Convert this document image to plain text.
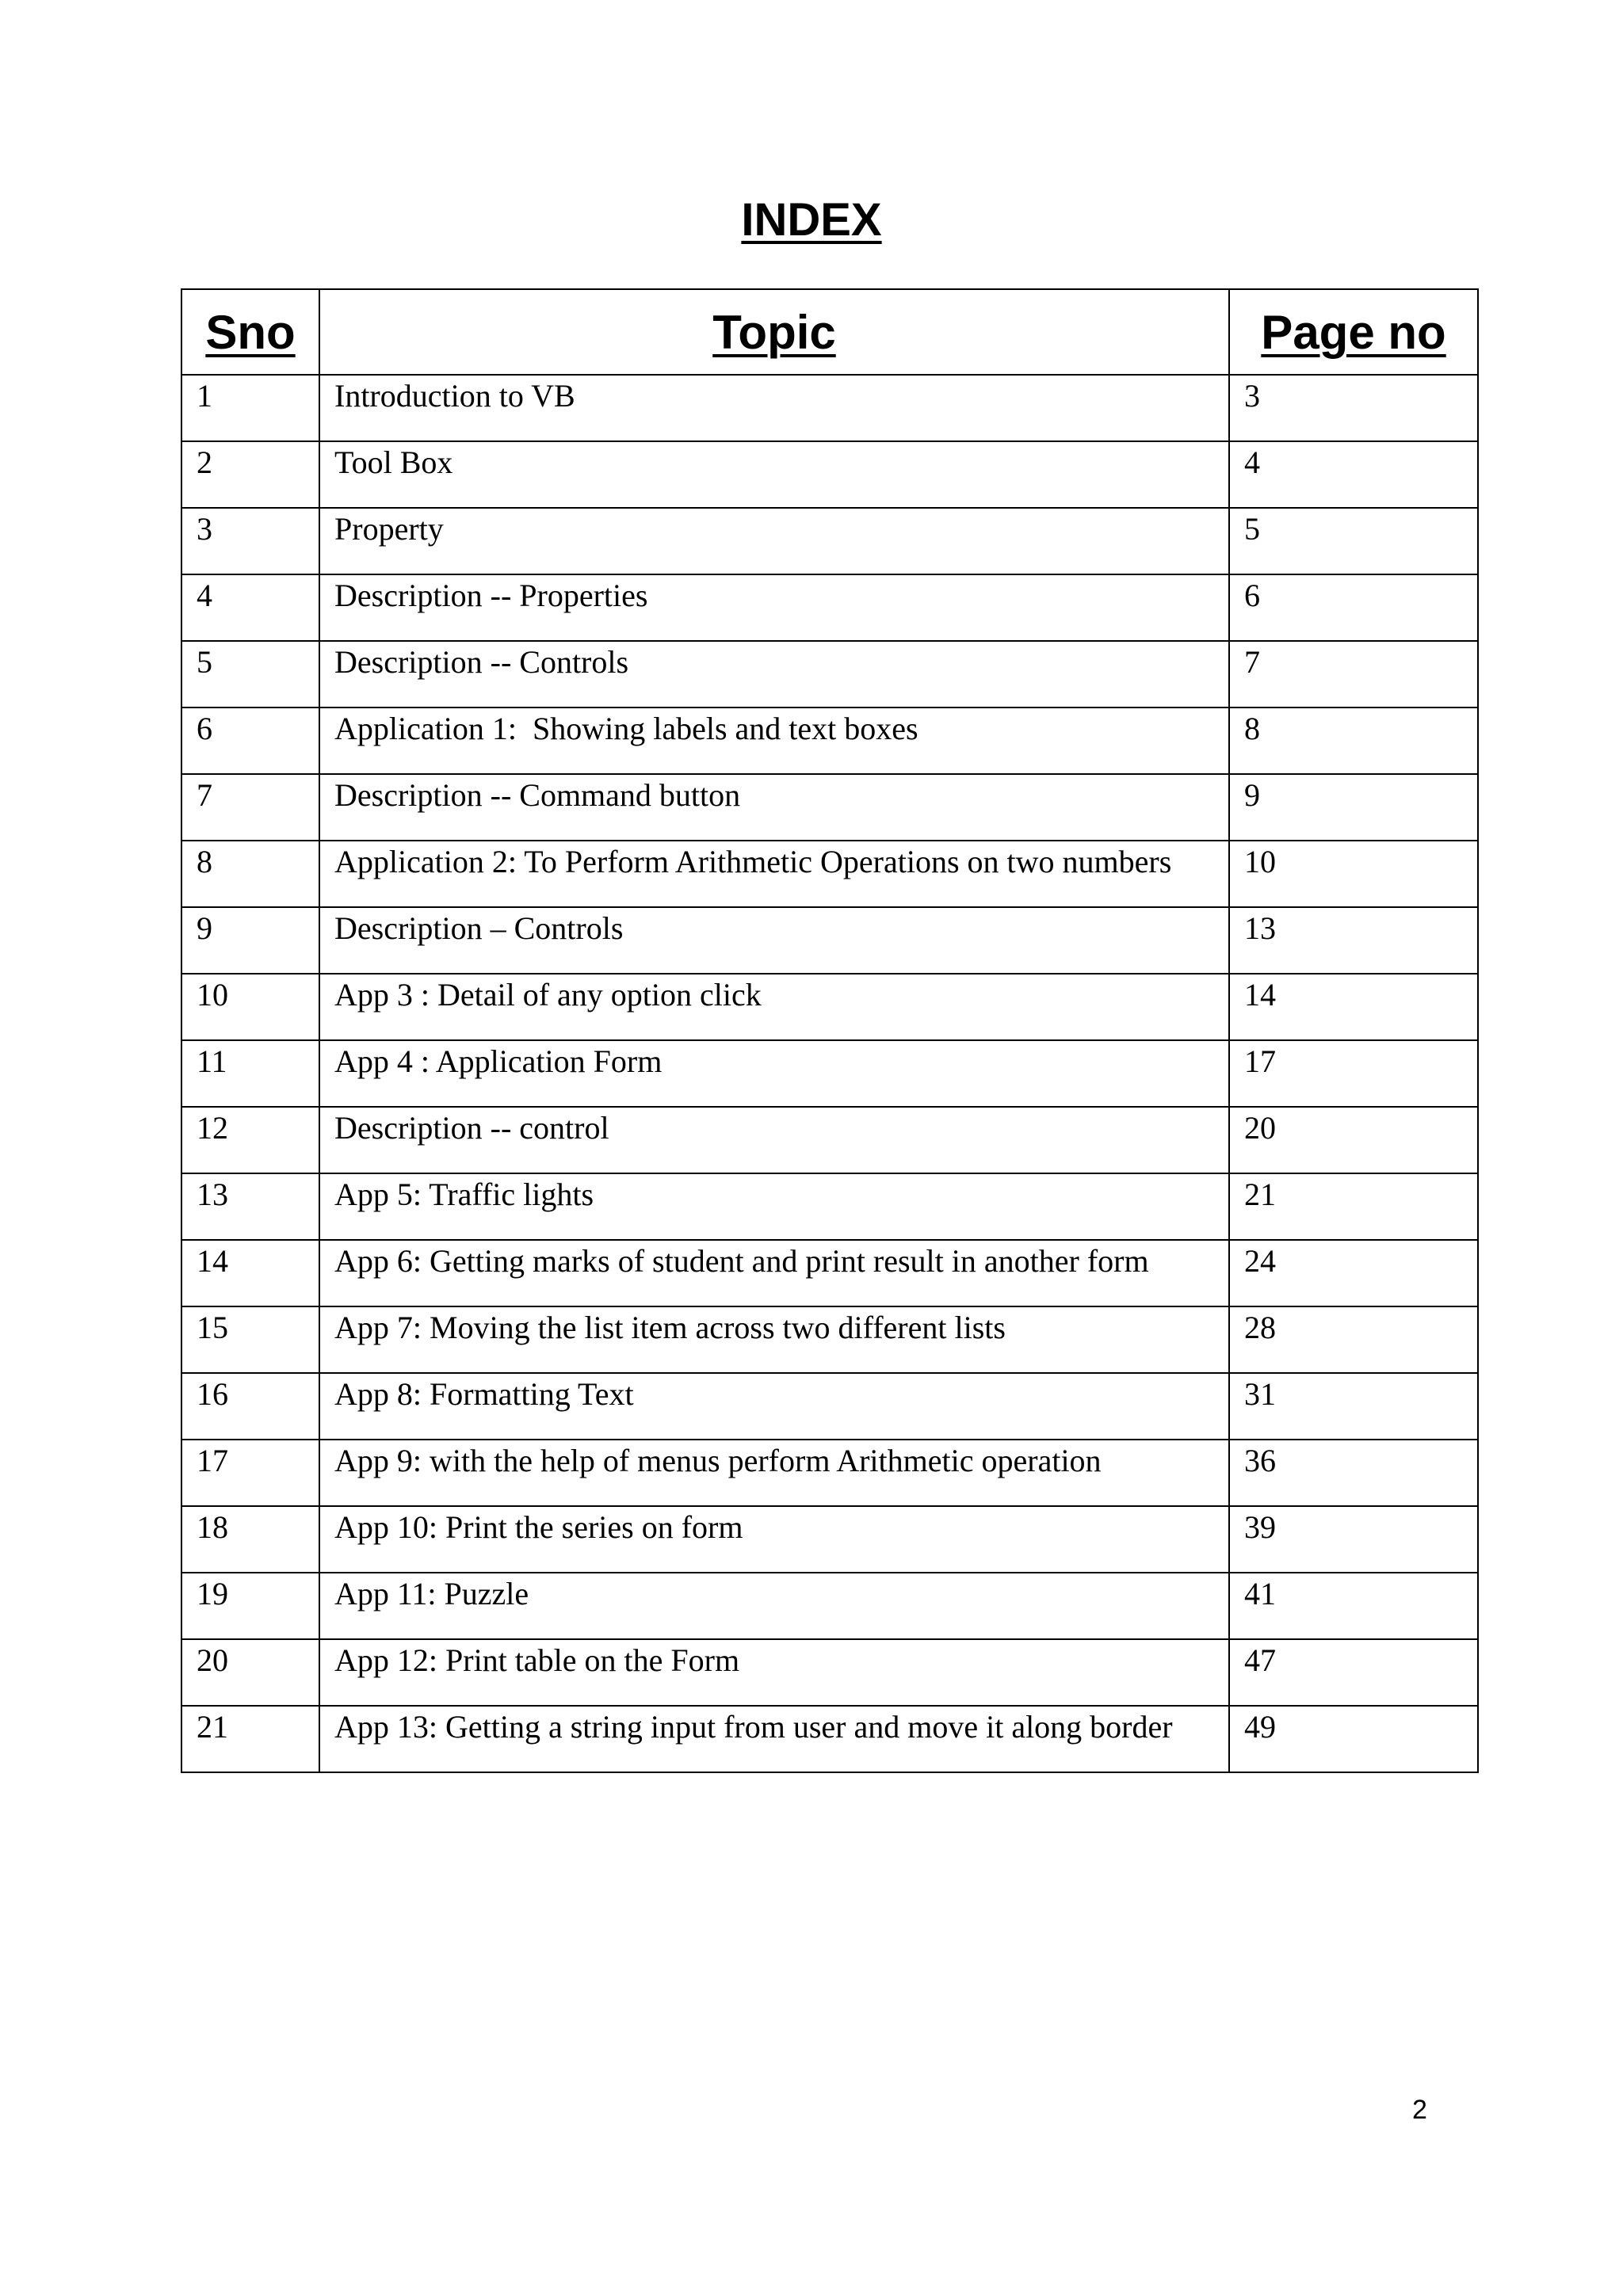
INDEX
Sno	Topic	Page no

1	Introduction to VB	3

2	Tool Box	4

3	Property	5

4	Description -- Properties	6

5	Description -- Controls	7

6	Application 1:  Showing labels and text boxes	8

7	Description -- Command button	9

8	Application 2: To Perform Arithmetic Operations on two numbers	10

9	Description – Controls	13

10	App 3 : Detail of any option click	14

11	App 4 : Application Form	17

12	Description -- control	20

13	App 5: Traffic lights	21

14	App 6: Getting marks of student and print result in another form	24

15	App 7: Moving the list item across two different lists	28

16	App 8: Formatting Text	31

17	App 9: with the help of menus perform Arithmetic operation	36

18	App 10: Print the series on form	39

19	App 11: Puzzle	41

20	App 12: Print table on the Form	47

21	App 13: Getting a string input from user and move it along border	49
2
